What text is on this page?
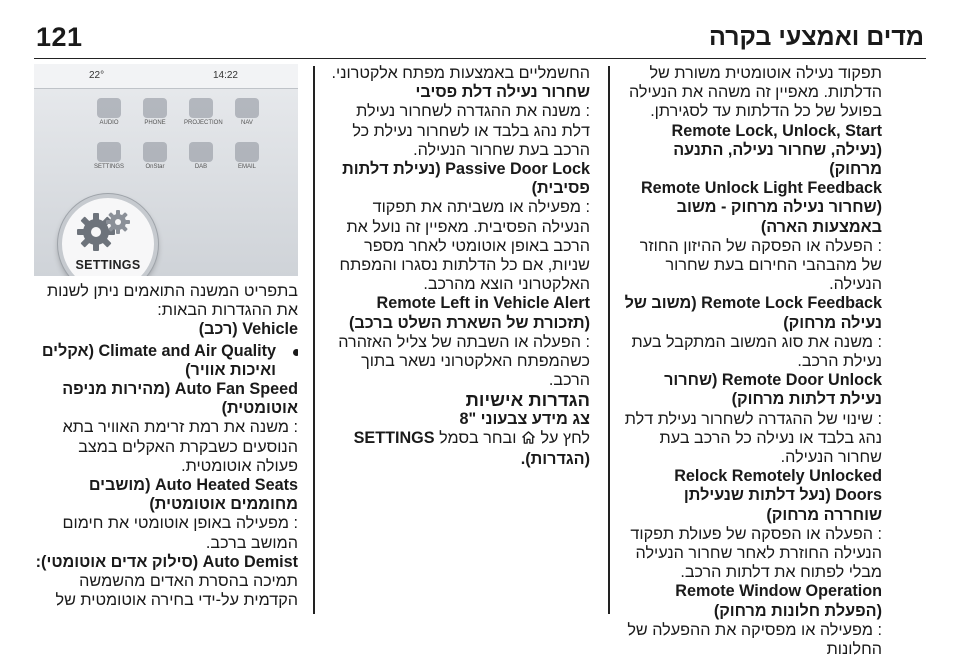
121	מדים ואמצעי בקרה

תפקוד נעילה אוטומטית משורת של הדלתות. מאפיין זה משהה את הנעילה בפועל של כל הדלתות עד לסגירתן.

Remote Lock, Unlock, Start (נעילה, שחרור נעילה, התנעה מרחוק)

Remote Unlock Light Feedback (שחרור נעילה מרחוק - משוב באמצעות הארה)

: הפעלה או הפסקה של ההיזון החוזר של מהבהבי החירום בעת שחרור הנעילה.

Remote Lock Feedback (משוב של נעילה מרחוק)

: משנה את סוג המשוב המתקבל בעת נעילת הרכב.

Remote Door Unlock (שחרור נעילת דלתות מרחוק)

: שינוי של ההגדרה לשחרור נעילת דלת נהג בלבד או נעילה כל הרכב בעת שחרור הנעילה.

Relock Remotely Unlocked Doors (נעל דלתות שנעילתן שוחררה מרחוק)

: הפעלה או הפסקה של פעולת תפקוד הנעילה החוזרת לאחר שחרור הנעילה מבלי לפתוח את דלתות הרכב.

Remote Window Operation (הפעלת חלונות מרחוק)

: מפעילה או מפסיקה את ההפעלה של החלונות

החשמליים באמצעות מפתח אלקטרוני.

שחרור נעילה דלת פסיבי

: משנה את ההגדרה לשחרור נעילת דלת נהג בלבד או לשחרור נעילת כל הרכב בעת שחרור הנעילה.

Passive Door Lock (נעילת דלתות פסיבית)

: מפעילה או משביתה את תפקוד הנעילה הפסיבית. מאפיין זה נועל את הרכב באופן אוטומטי לאחר מספר שניות, אם כל הדלתות נסגרו והמפתח האלקטרוני הוצא מהרכב.

Remote Left in Vehicle Alert (תזכורת של השארת השלט ברכב)

: הפעלה או השבתה של צליל האזהרה כשהמפתח האלקטרוני נשאר בתוך הרכב.

הגדרות אישיות

צג מידע צבעוני "8

לחץ על  ובחר בסמל SETTINGS (הגדרות).

22°	14:22
AUDIO	PHONE	PROJECTION	NAV
SETTINGS	OnStar	DAB	EMAIL
SETTINGS

בתפריט המשנה התואמים ניתן לשנות את ההגדרות הבאות:

Vehicle (רכב)

Climate and Air Quality (אקלים ואיכות אוויר)

Auto Fan Speed (מהירות מניפה אוטומטית)

: משנה את רמת זרימת האוויר בתא הנוסעים כשבקרת האקלים במצב פעולה אוטומטית.

Auto Heated Seats (מושבים מחוממים אוטומטית)

: מפעילה באופן אוטומטי את חימום המושב ברכב.

Auto Demist (סילוק אדים אוטומטי):

תמיכה בהסרת האדים מהשמשה הקדמית על-ידי בחירה אוטומטית של
